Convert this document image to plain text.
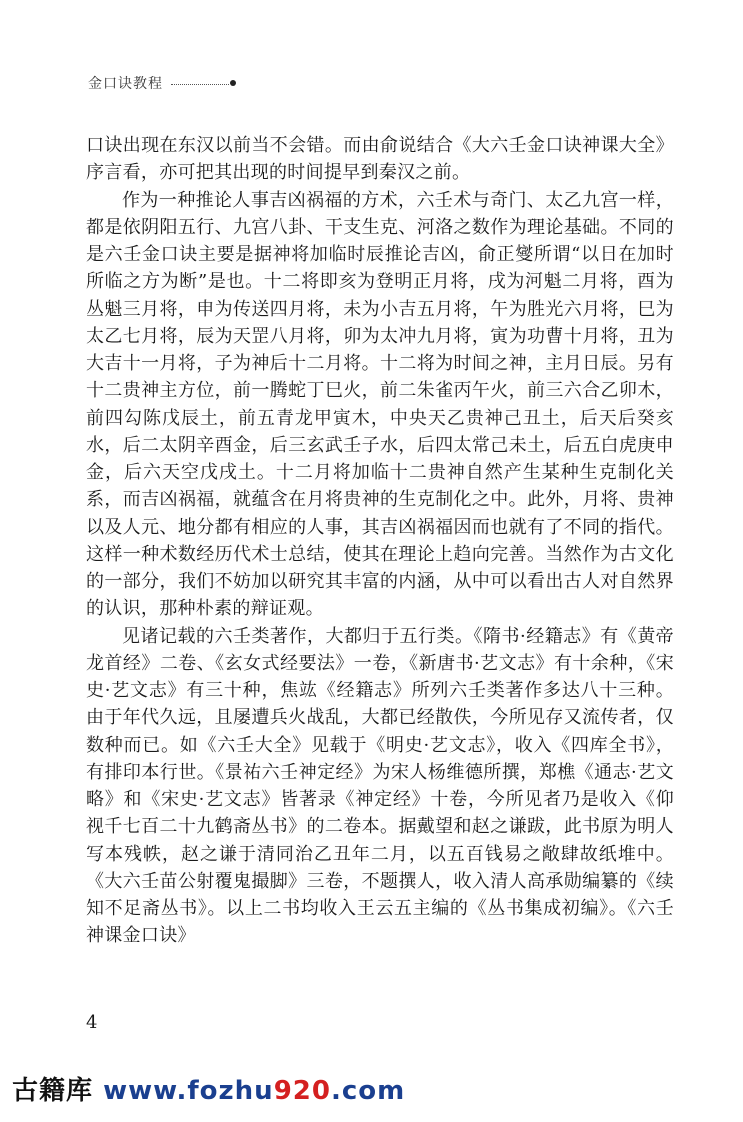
金口诀教程

口诀出现在东汉以前当不会错。而由俞说结合《大六壬金口诀神课大全》序言看，亦可把其出现的时间提早到秦汉之前。

作为一种推论人事吉凶祸福的方术，六壬术与奇门、太乙九宫一样，都是依阴阳五行、九宫八卦、干支生克、河洛之数作为理论基础。不同的是六壬金口诀主要是据神将加临时辰推论吉凶，俞正燮所谓“以日在加时所临之方为断”是也。十二将即亥为登明正月将，戌为河魁二月将，酉为丛魁三月将，申为传送四月将，未为小吉五月将，午为胜光六月将，巳为太乙七月将，辰为天罡八月将，卯为太冲九月将，寅为功曹十月将，丑为大吉十一月将，子为神后十二月将。十二将为时间之神，主月日辰。另有十二贵神主方位，前一腾蛇丁巳火，前二朱雀丙午火，前三六合乙卯木，前四勾陈戊辰土，前五青龙甲寅木，中央天乙贵神己丑土，后天后癸亥水，后二太阴辛酉金，后三玄武壬子水，后四太常己未土，后五白虎庚申金，后六天空戊戌土。十二月将加临十二贵神自然产生某种生克制化关系，而吉凶祸福，就蕴含在月将贵神的生克制化之中。此外，月将、贵神以及人元、地分都有相应的人事，其吉凶祸福因而也就有了不同的指代。这样一种术数经历代术士总结，使其在理论上趋向完善。当然作为古文化的一部分，我们不妨加以研究其丰富的内涵，从中可以看出古人对自然界的认识，那种朴素的辩证观。

见诸记载的六壬类著作，大都归于五行类。《隋书·经籍志》有《黄帝龙首经》二卷、《玄女式经要法》一卷，《新唐书·艺文志》有十余种，《宋史·艺文志》有三十种，焦竑《经籍志》所列六壬类著作多达八十三种。由于年代久远，且屡遭兵火战乱，大都已经散佚，今所见存又流传者，仅数种而已。如《六壬大全》见载于《明史·艺文志》，收入《四库全书》，有排印本行世。《景祐六壬神定经》为宋人杨维德所撰，郑樵《通志·艺文略》和《宋史·艺文志》皆著录《神定经》十卷，今所见者乃是收入《仰视千七百二十九鹤斋丛书》的二卷本。据戴望和赵之谦跋，此书原为明人写本残帙，赵之谦于清同治乙丑年二月，以五百钱易之敞肆故纸堆中。《大六壬苗公射覆鬼撮脚》三卷，不题撰人，收入清人高承勋编纂的《续知不足斋丛书》。以上二书均收入王云五主编的《丛书集成初编》。《六壬神课金口诀》

4
古籍库 www.fozhu920.com
